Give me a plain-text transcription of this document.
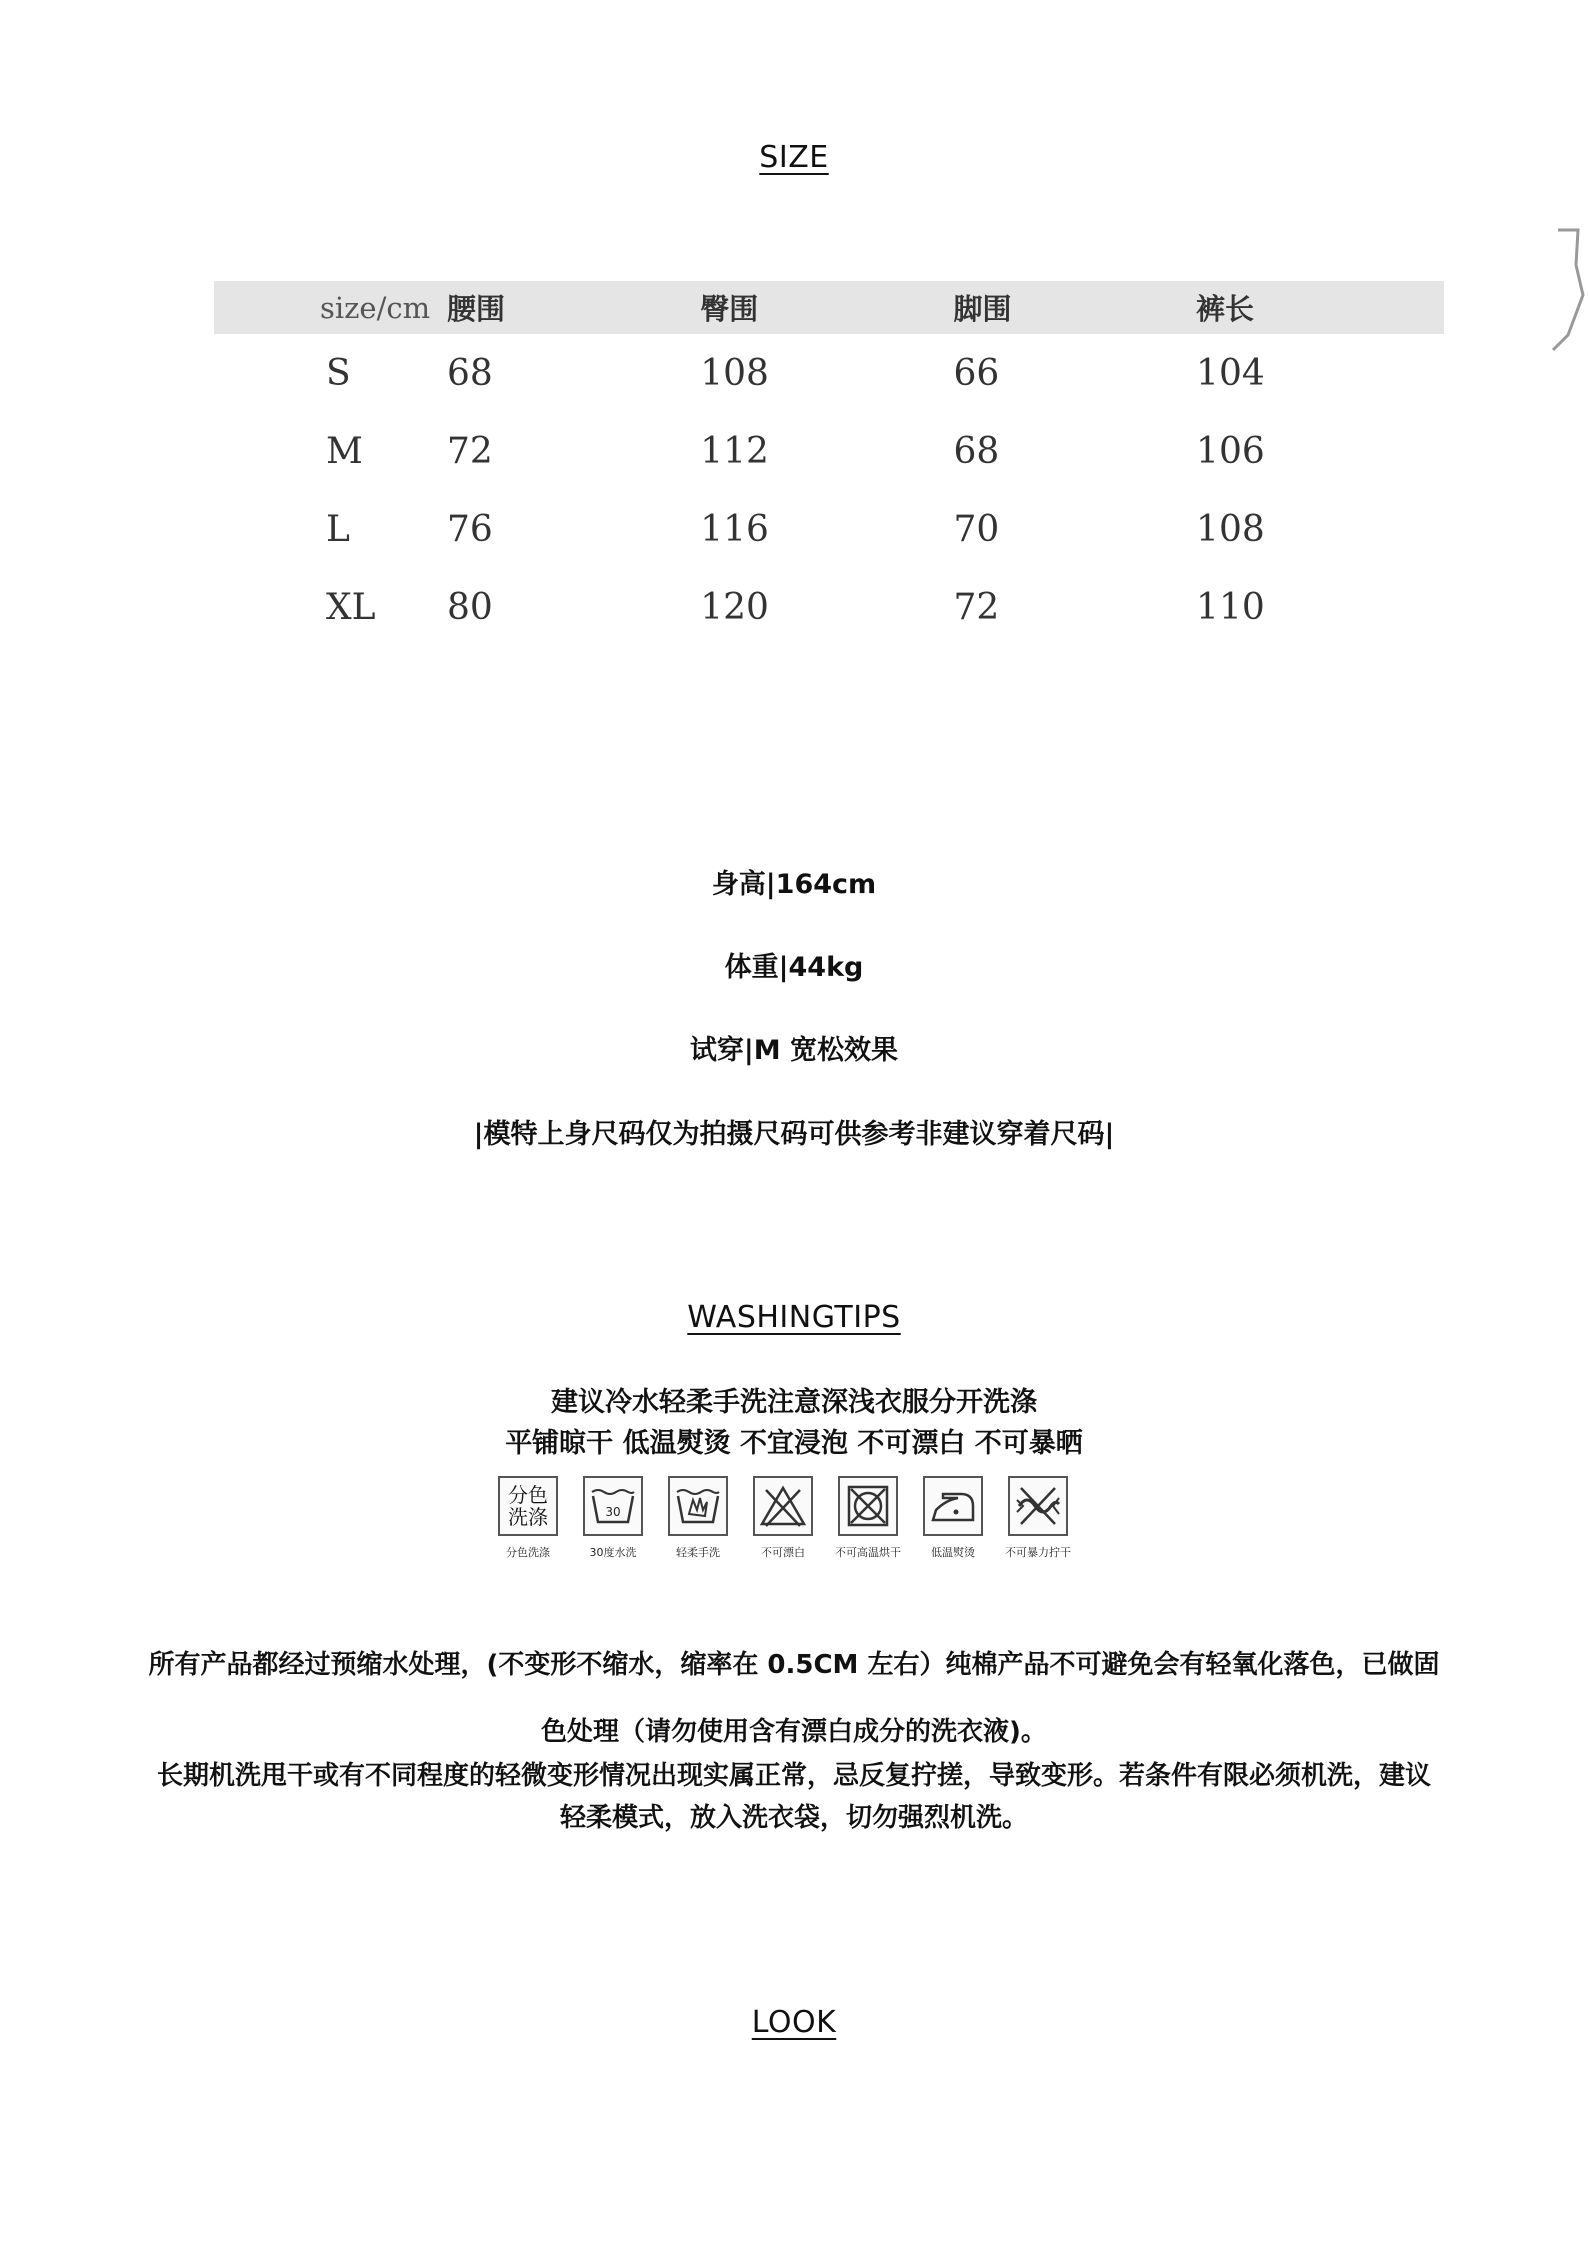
SIZE
size/cm	腰围	臀围	脚围	裤长
S	68	108	66	104
M	72	112	68	106
L	76	116	70	108
XL	80	120	72	110
身高|164cm
体重|44kg
试穿|M 宽松效果
|模特上身尺码仅为拍摄尺码可供参考非建议穿着尺码|
WASHINGTIPS
建议冷水轻柔手洗注意深浅衣服分开洗涤
平铺晾干 低温熨烫 不宜浸泡 不可漂白 不可暴晒
分色洗涤
分色洗涤
30
30度水洗	轻柔手洗	不可漂白	不可高温烘干	低温熨烫	不可暴力拧干
所有产品都经过预缩水处理，(不变形不缩水，缩率在 0.5CM 左右）纯棉产品不可避免会有轻氧化落色，已做固
色处理（请勿使用含有漂白成分的洗衣液)。
长期机洗甩干或有不同程度的轻微变形情况出现实属正常，忌反复拧搓，导致变形。若条件有限必须机洗，建议
轻柔模式，放入洗衣袋，切勿强烈机洗。
LOOK
